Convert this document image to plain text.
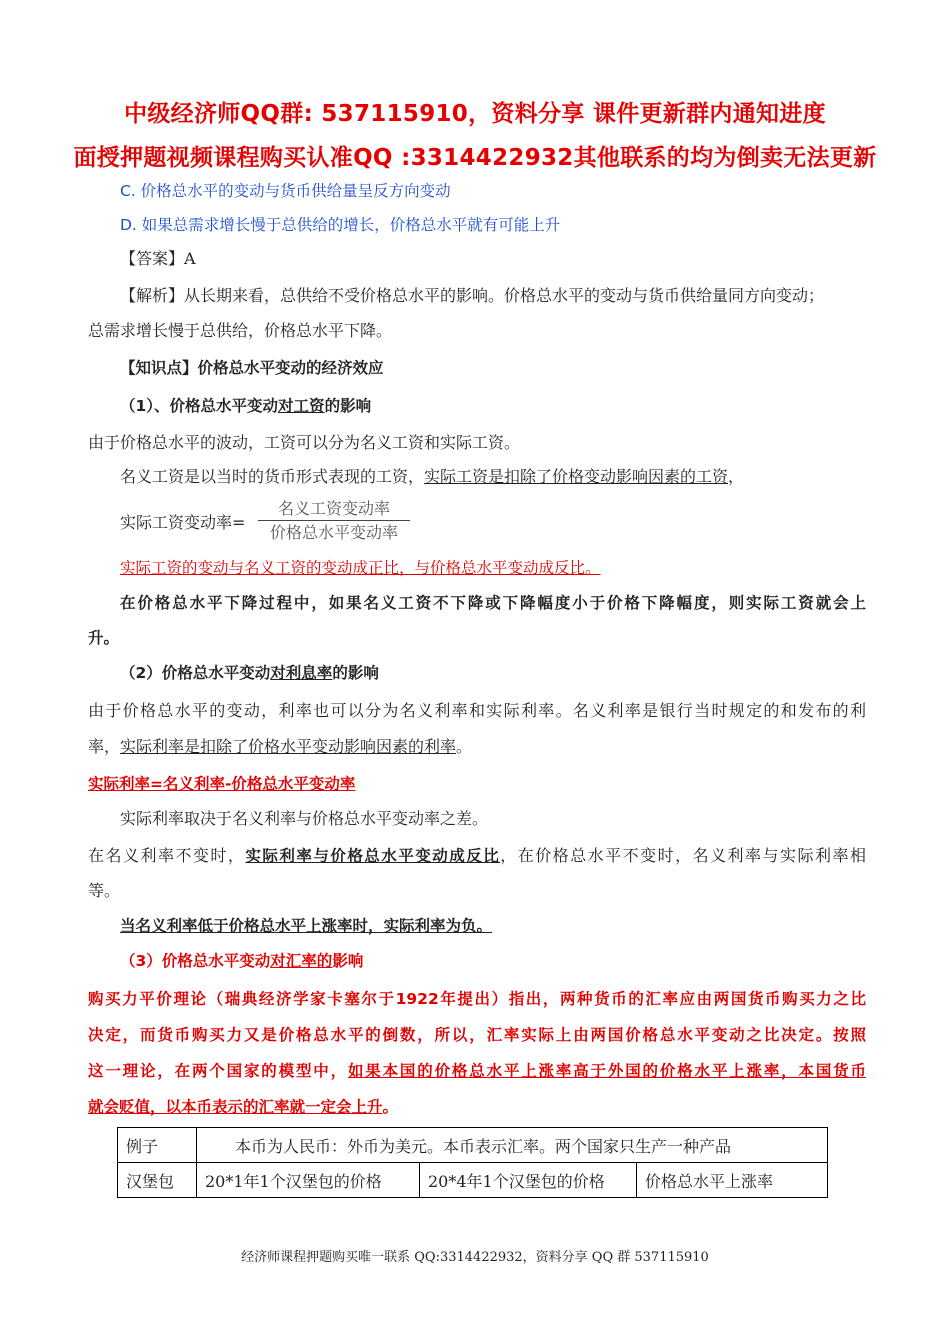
中级经济师QQ群: 537115910，资料分享 课件更新群内通知进度
面授押题视频课程购买认准QQ :3314422932其他联系的均为倒卖无法更新
C. 价格总水平的变动与货币供给量呈反方向变动
D. 如果总需求增长慢于总供给的增长，价格总水平就有可能上升
【答案】A
【解析】从长期来看，总供给不受价格总水平的影响。价格总水平的变动与货币供给量同方向变动；
总需求增长慢于总供给，价格总水平下降。
【知识点】价格总水平变动的经济效应
（1）、价格总水平变动对工资的影响
由于价格总水平的波动，工资可以分为名义工资和实际工资。
名义工资是以当时的货币形式表现的工资，实际工资是扣除了价格变动影响因素的工资，
实际工资变动率=
名义工资变动率
价格总水平变动率
实际工资的变动与名义工资的变动成正比，与价格总水平变动成反比。
在价格总水平下降过程中，如果名义工资不下降或下降幅度小于价格下降幅度，则实际工资就会上
升。
（2）价格总水平变动对利息率的影响
由于价格总水平的变动，利率也可以分为名义利率和实际利率。名义利率是银行当时规定的和发布的利
率，实际利率是扣除了价格水平变动影响因素的利率。
实际利率=名义利率-价格总水平变动率
实际利率取决于名义利率与价格总水平变动率之差。
在名义利率不变时，实际利率与价格总水平变动成反比，在价格总水平不变时，名义利率与实际利率相
等。
当名义利率低于价格总水平上涨率时，实际利率为负。
（3）价格总水平变动对汇率的影响
购买力平价理论（瑞典经济学家卡塞尔于1922年提出）指出，两种货币的汇率应由两国货币购买力之比
决定，而货币购买力又是价格总水平的倒数，所以，汇率实际上由两国价格总水平变动之比决定。按照
这一理论，在两个国家的模型中，如果本国的价格总水平上涨率高于外国的价格水平上涨率，本国货币
就会贬值，以本币表示的汇率就一定会上升。
例子	本币为人民币：外币为美元。本币表示汇率。两个国家只生产一种产品		
汉堡包	20*1年1个汉堡包的价格	20*4年1个汉堡包的价格	价格总水平上涨率
经济师课程押题购买唯一联系 QQ:3314422932，资料分享 QQ 群 537115910
